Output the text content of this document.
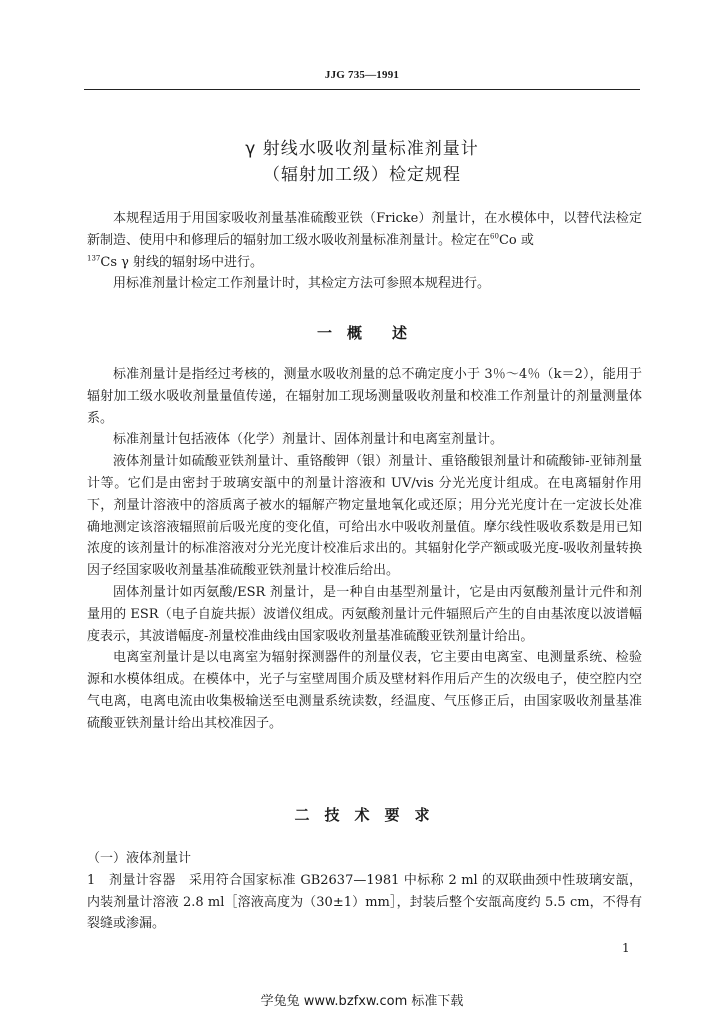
JJG 735—1991
γ 射线水吸收剂量标准剂量计
（辐射加工级）检定规程

本规程适用于用国家吸收剂量基准硫酸亚铁（Fricke）剂量计，在水模体中，以替代法检定新制造、使用中和修理后的辐射加工级水吸收剂量标准剂量计。检定在$^{60}$Co 或
$^{137}$Cs γ 射线的辐射场中进行。

用标准剂量计检定工作剂量计时，其检定方法可参照本规程进行。

一　概　　述

标准剂量计是指经过考核的，测量水吸收剂量的总不确定度小于 3％～4％（k＝2），能用于辐射加工级水吸收剂量量值传递，在辐射加工现场测量吸收剂量和校准工作剂量计的剂量测量体系。

标准剂量计包括液体（化学）剂量计、固体剂量计和电离室剂量计。

液体剂量计如硫酸亚铁剂量计、重铬酸钾（银）剂量计、重铬酸银剂量计和硫酸铈-亚铈剂量计等。它们是由密封于玻璃安瓿中的剂量计溶液和 UV/vis 分光光度计组成。在电离辐射作用下，剂量计溶液中的溶质离子被水的辐解产物定量地氧化或还原；用分光光度计在一定波长处准确地测定该溶液辐照前后吸光度的变化值，可给出水中吸收剂量值。摩尔线性吸收系数是用已知浓度的该剂量计的标准溶液对分光光度计校准后求出的。其辐射化学产额或吸光度-吸收剂量转换因子经国家吸收剂量基准硫酸亚铁剂量计校准后给出。

固体剂量计如丙氨酸/ESR 剂量计，是一种自由基型剂量计，它是由丙氨酸剂量计元件和剂量用的 ESR（电子自旋共振）波谱仪组成。丙氨酸剂量计元件辐照后产生的自由基浓度以波谱幅度表示，其波谱幅度-剂量校准曲线由国家吸收剂量基准硫酸亚铁剂量计给出。

电离室剂量计是以电离室为辐射探测器件的剂量仪表，它主要由电离室、电测量系统、检验源和水模体组成。在模体中，光子与室壁周围介质及壁材料作用后产生的次级电子，使空腔内空气电离，电离电流由收集极输送至电测量系统读数，经温度、气压修正后，由国家吸收剂量基准硫酸亚铁剂量计给出其校准因子。

二　技　术　要　求

（一）液体剂量计

1　剂量计容器　采用符合国家标准 GB2637—1981 中标称 2 ml 的双联曲颈中性玻璃安瓿，内装剂量计溶液 2.8 ml［溶液高度为（30±1）mm］，封装后整个安瓿高度约 5.5 cm，不得有裂缝或渗漏。

1
学兔兔 www.bzfxw.com 标准下载
